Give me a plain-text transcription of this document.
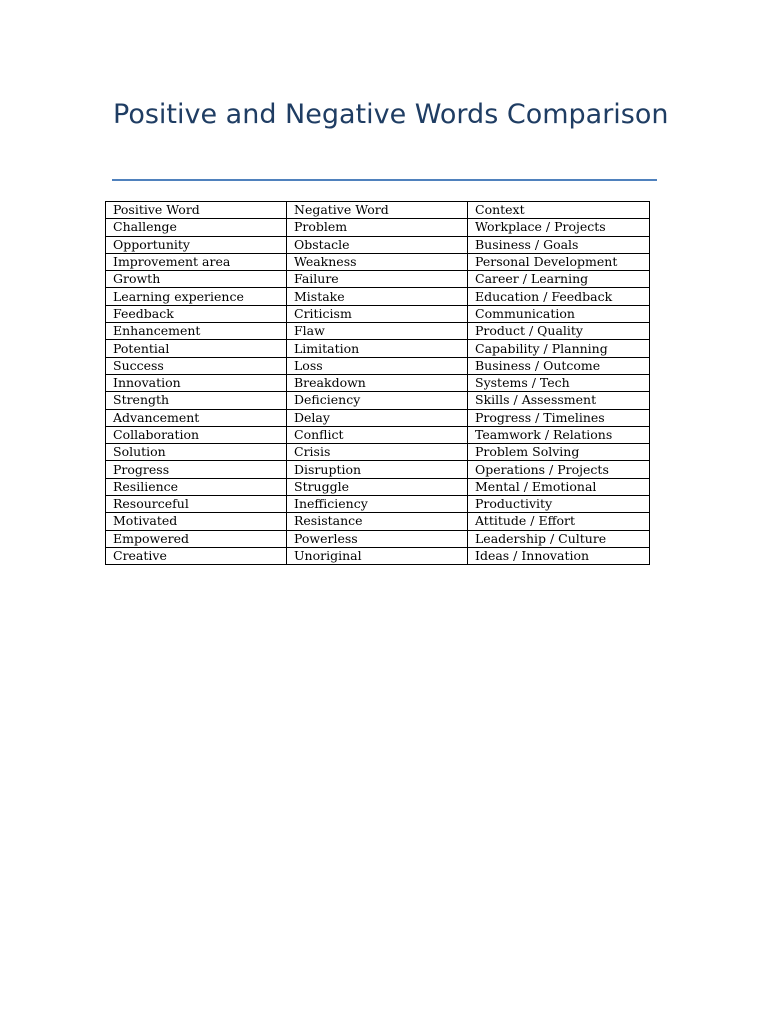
Positive and Negative Words Comparison
Positive Word	Negative Word	Context
Challenge	Problem	Workplace / Projects
Opportunity	Obstacle	Business / Goals
Improvement area	Weakness	Personal Development
Growth	Failure	Career / Learning
Learning experience	Mistake	Education / Feedback
Feedback	Criticism	Communication
Enhancement	Flaw	Product / Quality
Potential	Limitation	Capability / Planning
Success	Loss	Business / Outcome
Innovation	Breakdown	Systems / Tech
Strength	Deficiency	Skills / Assessment
Advancement	Delay	Progress / Timelines
Collaboration	Conflict	Teamwork / Relations
Solution	Crisis	Problem Solving
Progress	Disruption	Operations / Projects
Resilience	Struggle	Mental / Emotional
Resourceful	Inefficiency	Productivity
Motivated	Resistance	Attitude / Effort
Empowered	Powerless	Leadership / Culture
Creative	Unoriginal	Ideas / Innovation
